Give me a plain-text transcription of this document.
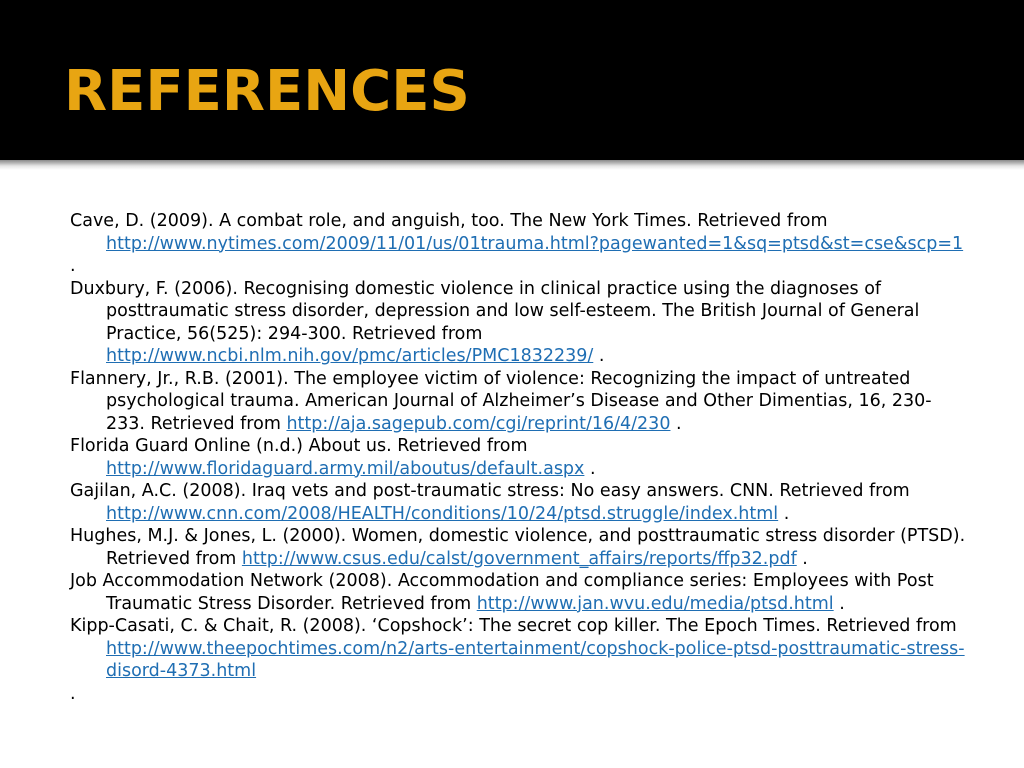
REFERENCES

Cave, D. (2009). A combat role, and anguish, too. The New York Times. Retrieved from http://www.nytimes.com/2009/11/01/us/01trauma.html?pagewanted=1&sq=ptsd&st=cse&scp=1
.

Duxbury, F. (2006). Recognising domestic violence in clinical practice using the diagnoses of posttraumatic stress disorder, depression and low self-esteem. The British Journal of General Practice, 56(525): 294-300. Retrieved from http://www.ncbi.nlm.nih.gov/pmc/articles/PMC1832239/ .

Flannery, Jr., R.B. (2001). The employee victim of violence: Recognizing the impact of untreated psychological trauma. American Journal of Alzheimer’s Disease and Other Dimentias, 16, 230-233. Retrieved from http://aja.sagepub.com/cgi/reprint/16/4/230 .

Florida Guard Online (n.d.) About us. Retrieved from http://www.floridaguard.army.mil/aboutus/default.aspx .

Gajilan, A.C. (2008). Iraq vets and post-traumatic stress: No easy answers. CNN. Retrieved from http://www.cnn.com/2008/HEALTH/conditions/10/24/ptsd.struggle/index.html .

Hughes, M.J. & Jones, L. (2000). Women, domestic violence, and posttraumatic stress disorder (PTSD). Retrieved from http://www.csus.edu/calst/government_affairs/reports/ffp32.pdf .

Job Accommodation Network (2008). Accommodation and compliance series: Employees with Post Traumatic Stress Disorder. Retrieved from http://www.jan.wvu.edu/media/ptsd.html .

Kipp-Casati, C. & Chait, R. (2008). ‘Copshock’: The secret cop killer. The Epoch Times. Retrieved from http://www.theepochtimes.com/n2/arts-entertainment/copshock-police-ptsd-posttraumatic-stress-disord-4373.html
.
